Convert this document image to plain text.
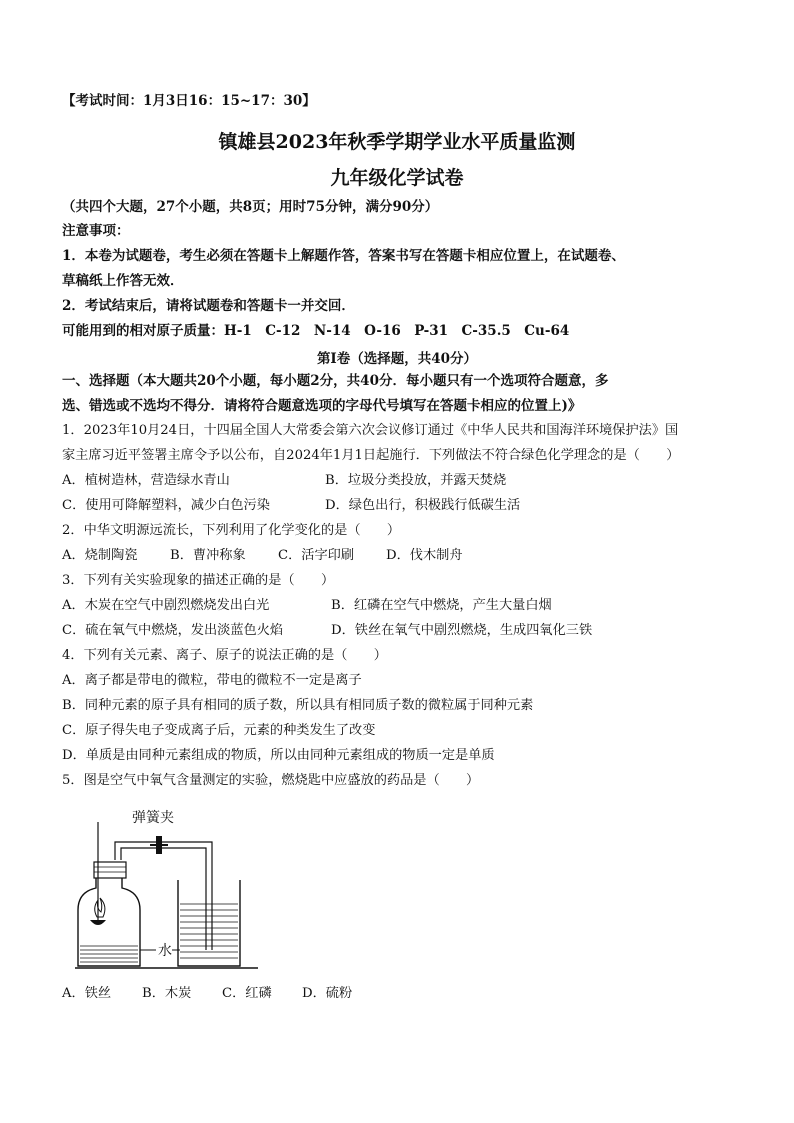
【考试时间：1月3日16：15~17：30】
镇雄县2023年秋季学期学业水平质量监测
九年级化学试卷
（共四个大题，27个小题，共8页；用时75分钟，满分90分）
注意事项：
1．本卷为试题卷，考生必须在答题卡上解题作答，答案书写在答题卡相应位置上，在试题卷、
草稿纸上作答无效．
2．考试结束后，请将试题卷和答题卡一并交回．
可能用到的相对原子质量：H-1　C-12　N-14　O-16　P-31　C-35.5　Cu-64
第Ⅰ卷（选择题，共40分）
一、选择题（本大题共20个小题，每小题2分，共40分．每小题只有一个选项符合题意，多
选、错选或不选均不得分．请将符合题意选项的字母代号填写在答题卡相应的位置上)》
1．2023年10月24日，十四届全国人大常委会第六次会议修订通过《中华人民共和国海洋环境保护法》国
家主席习近平签署主席令予以公布，自2024年1月1日起施行．下列做法不符合绿色化学理念的是（　　）
A．植树造林，营造绿水青山	B．垃圾分类投放，并露天焚烧
C．使用可降解塑料，减少白色污染	D．绿色出行，积极践行低碳生活
2．中华文明源远流长，下列利用了化学变化的是（　　）
A．烧制陶瓷 B．曹冲称象 C．活字印刷 D．伐木制舟
3．下列有关实验现象的描述正确的是（　　）
A．木炭在空气中剧烈燃烧发出白光	B．红磷在空气中燃烧，产生大量白烟
C．硫在氧气中燃烧，发出淡蓝色火焰	D．铁丝在氧气中剧烈燃烧，生成四氧化三铁
4．下列有关元素、离子、原子的说法正确的是（　　）
A．离子都是带电的微粒，带电的微粒不一定是离子
B．同种元素的原子具有相同的质子数，所以具有相同质子数的微粒属于同种元素
C．原子得失电子变成离子后，元素的种类发生了改变
D．单质是由同种元素组成的物质，所以由同种元素组成的物质一定是单质
5．图是空气中氧气含量测定的实验，燃烧匙中应盛放的药品是（　　）
弹簧夹
水
A．铁丝 B．木炭 C．红磷 D．硫粉
